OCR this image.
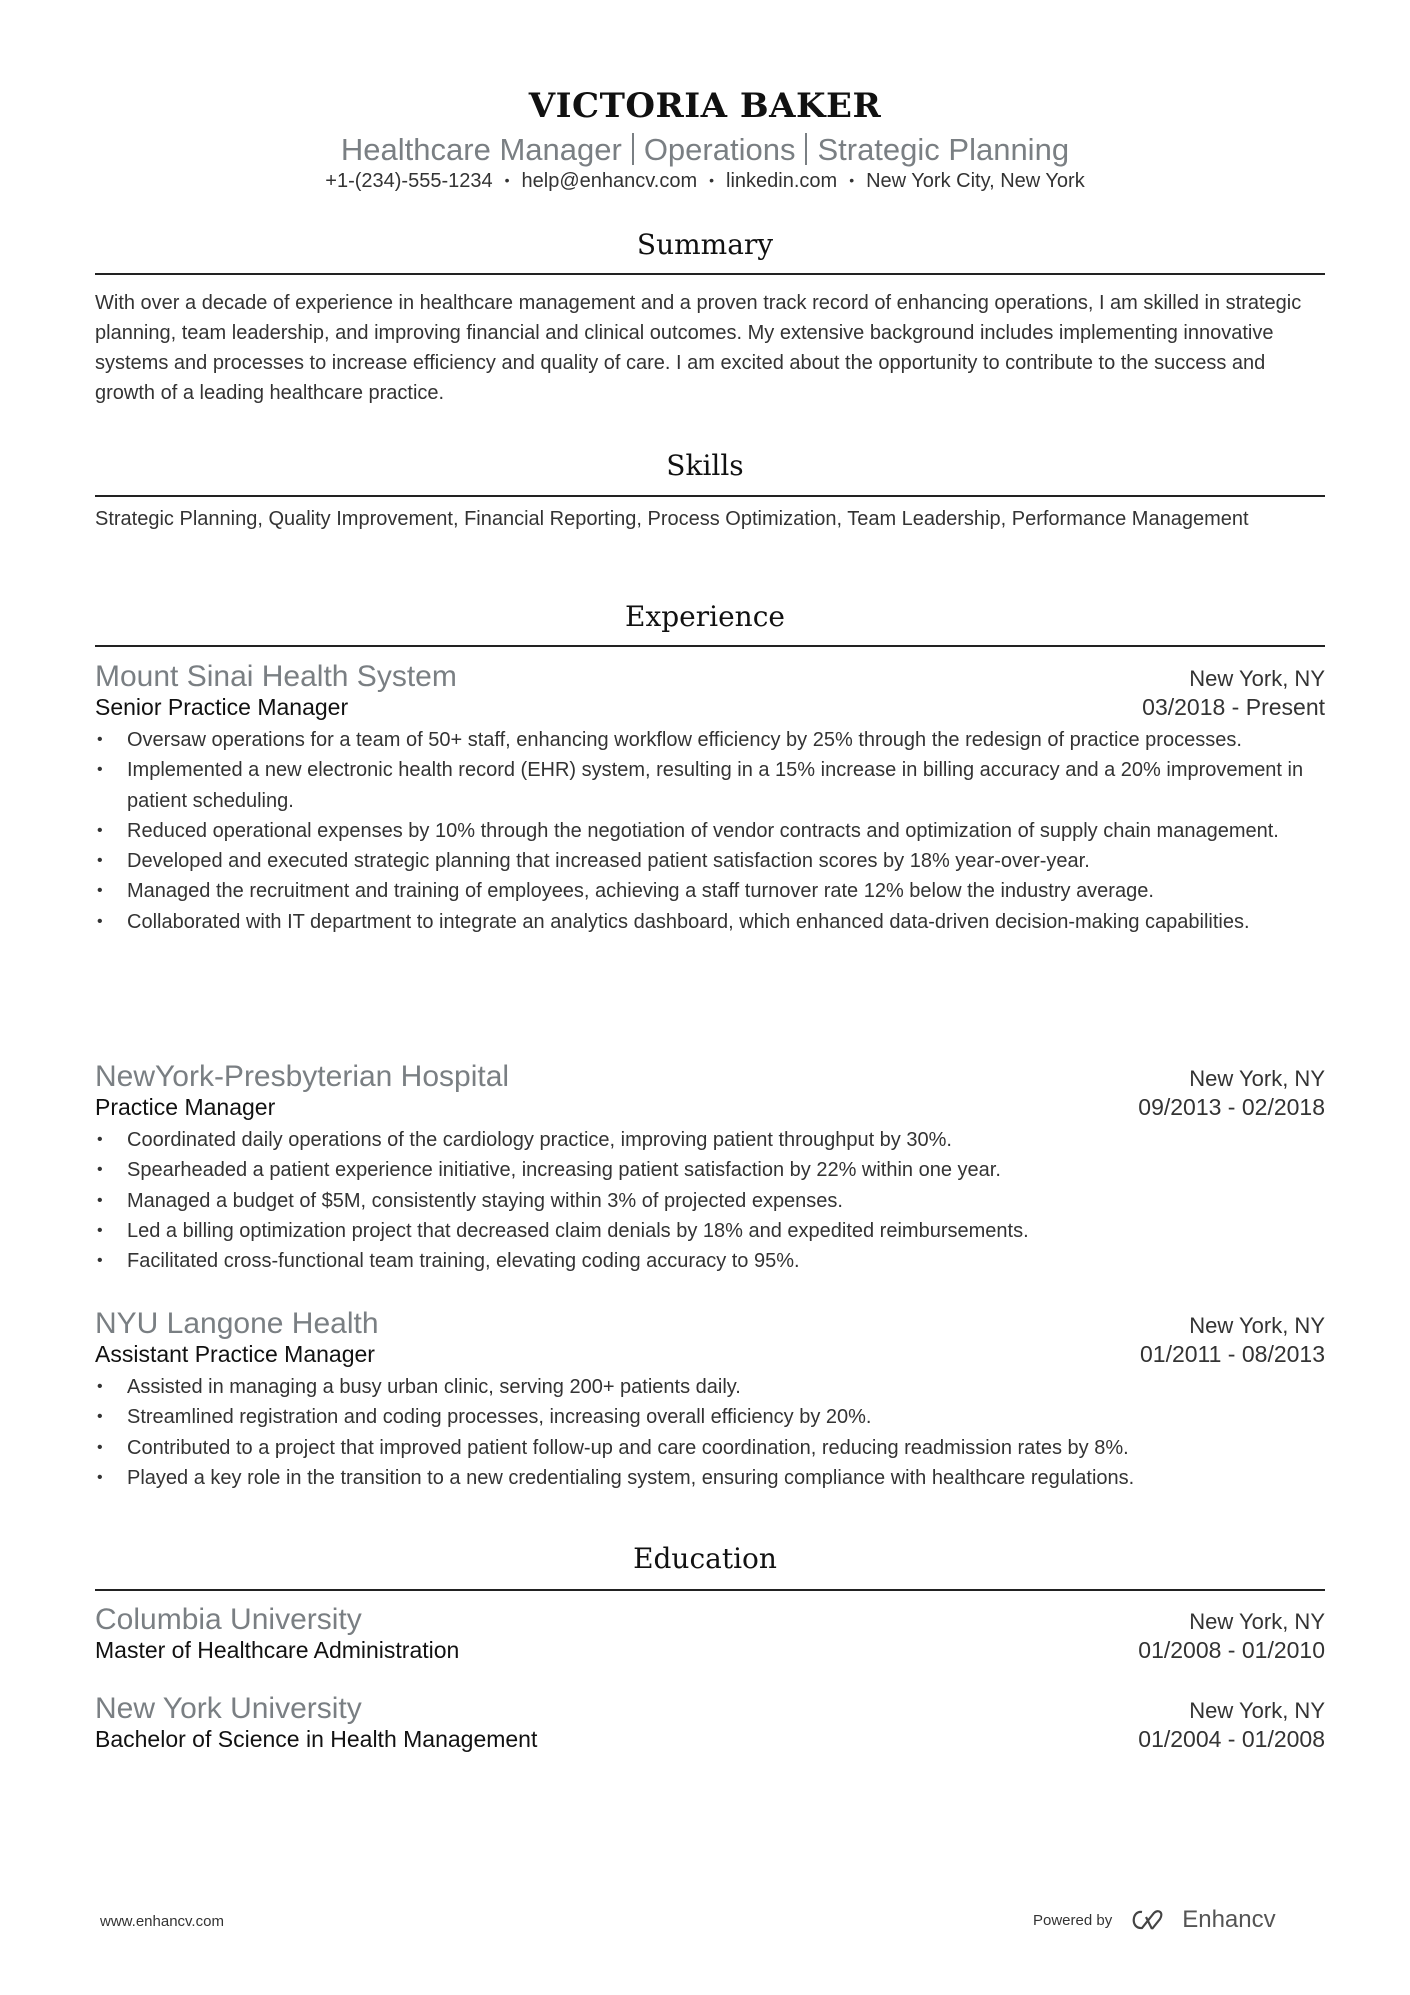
VICTORIA BAKER
Healthcare Manager Operations Strategic Planning
+1-(234)-555-1234 • help@enhancv.com • linkedin.com • New York City, New York
Summary
With over a decade of experience in healthcare management and a proven track record of enhancing operations, I am skilled in strategic planning, team leadership, and improving financial and clinical outcomes. My extensive background includes implementing innovative systems and processes to increase efficiency and quality of care. I am excited about the opportunity to contribute to the success and growth of a leading healthcare practice.
Skills
Strategic Planning, Quality Improvement, Financial Reporting, Process Optimization, Team Leadership, Performance Management
Experience
Mount Sinai Health System	New York, NY
Senior Practice Manager	03/2018 - Present
• Oversaw operations for a team of 50+ staff, enhancing workflow efficiency by 25% through the redesign of practice processes.
• Implemented a new electronic health record (EHR) system, resulting in a 15% increase in billing accuracy and a 20% improvement in patient scheduling.
• Reduced operational expenses by 10% through the negotiation of vendor contracts and optimization of supply chain management.
• Developed and executed strategic planning that increased patient satisfaction scores by 18% year-over-year.
• Managed the recruitment and training of employees, achieving a staff turnover rate 12% below the industry average.
• Collaborated with IT department to integrate an analytics dashboard, which enhanced data-driven decision-making capabilities.
NewYork-Presbyterian Hospital	New York, NY
Practice Manager	09/2013 - 02/2018
• Coordinated daily operations of the cardiology practice, improving patient throughput by 30%.
• Spearheaded a patient experience initiative, increasing patient satisfaction by 22% within one year.
• Managed a budget of $5M, consistently staying within 3% of projected expenses.
• Led a billing optimization project that decreased claim denials by 18% and expedited reimbursements.
• Facilitated cross-functional team training, elevating coding accuracy to 95%.
NYU Langone Health	New York, NY
Assistant Practice Manager	01/2011 - 08/2013
• Assisted in managing a busy urban clinic, serving 200+ patients daily.
• Streamlined registration and coding processes, increasing overall efficiency by 20%.
• Contributed to a project that improved patient follow-up and care coordination, reducing readmission rates by 8%.
• Played a key role in the transition to a new credentialing system, ensuring compliance with healthcare regulations.
Education
Columbia University	New York, NY
Master of Healthcare Administration	01/2008 - 01/2010
New York University	New York, NY
Bachelor of Science in Health Management	01/2004 - 01/2008
www.enhancv.com	Powered by	Enhancv
